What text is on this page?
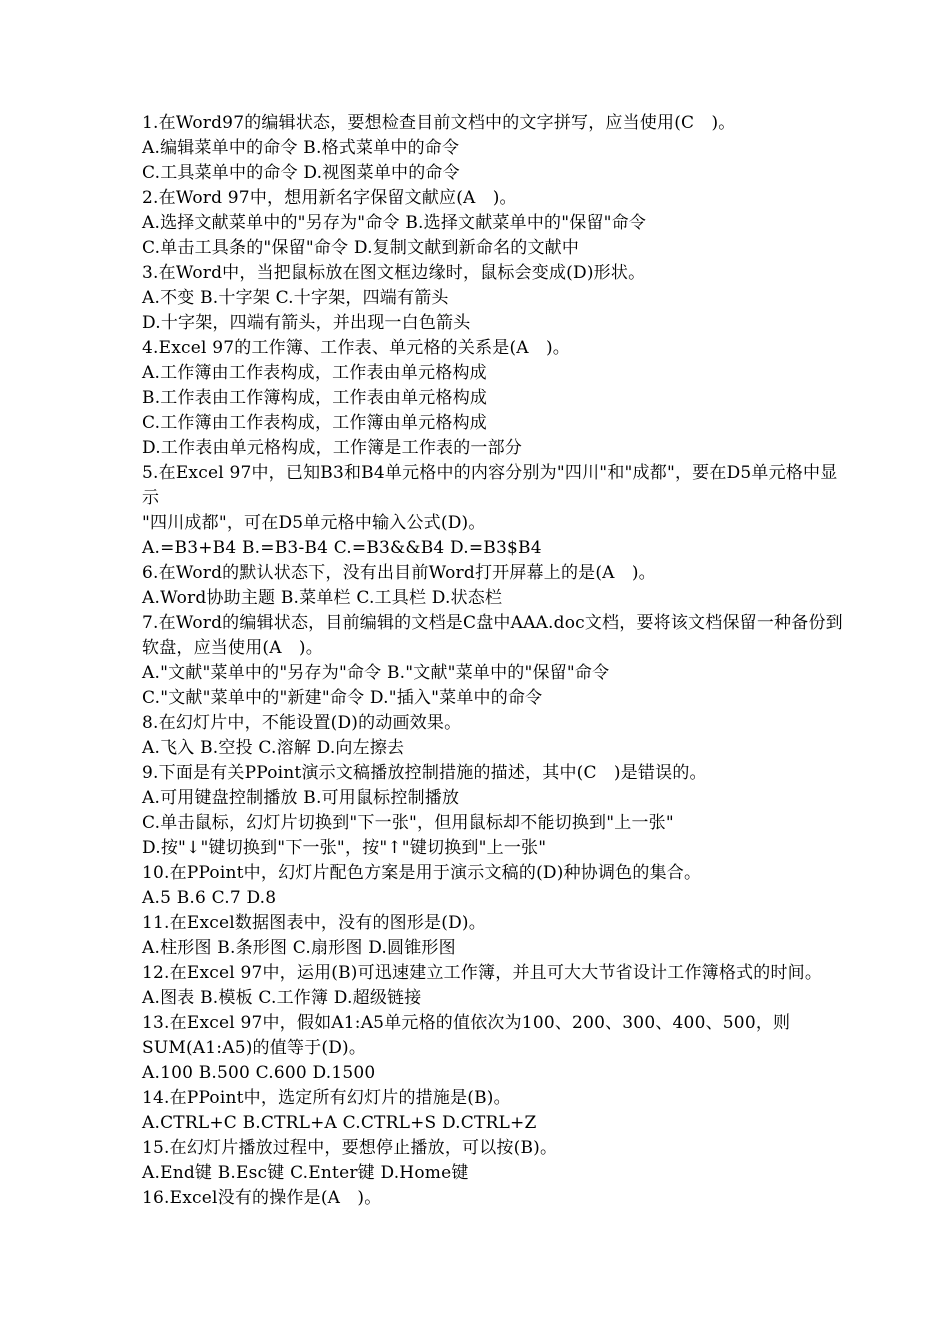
1.在Word97的编辑状态，要想检查目前文档中的文字拼写，应当使用(C　)。
A.编辑菜单中的命令 B.格式菜单中的命令
C.工具菜单中的命令 D.视图菜单中的命令
2.在Word 97中，想用新名字保留文献应(A　)。
A.选择文献菜单中的"另存为"命令 B.选择文献菜单中的"保留"命令
C.单击工具条的"保留"命令 D.复制文献到新命名的文献中
3.在Word中，当把鼠标放在图文框边缘时，鼠标会变成(D)形状。
A.不变 B.十字架 C.十字架，四端有箭头
D.十字架，四端有箭头，并出现一白色箭头
4.Excel 97的工作簿、工作表、单元格的关系是(A　)。
A.工作簿由工作表构成，工作表由单元格构成
B.工作表由工作簿构成，工作表由单元格构成
C.工作簿由工作表构成，工作簿由单元格构成
D.工作表由单元格构成，工作簿是工作表的一部分
5.在Excel 97中，已知B3和B4单元格中的内容分别为"四川"和"成都"，要在D5单元格中显示
"四川成都"，可在D5单元格中输入公式(D)。
A.=B3+B4 B.=B3-B4 C.=B3&&B4 D.=B3$B4
6.在Word的默认状态下，没有出目前Word打开屏幕上的是(A　)。
A.Word协助主题 B.菜单栏 C.工具栏 D.状态栏
7.在Word的编辑状态，目前编辑的文档是C盘中AAA.doc文档，要将该文档保留一种备份到软盘，应当使用(A　)。
A."文献"菜单中的"另存为"命令 B."文献"菜单中的"保留"命令
C."文献"菜单中的"新建"命令 D."插入"菜单中的命令
8.在幻灯片中，不能设置(D)的动画效果。
A.飞入 B.空投 C.溶解 D.向左擦去
9.下面是有关PPoint演示文稿播放控制措施的描述，其中(C　)是错误的。
A.可用键盘控制播放 B.可用鼠标控制播放
C.单击鼠标，幻灯片切换到"下一张"，但用鼠标却不能切换到"上一张"
D.按"↓"键切换到"下一张"，按"↑"键切换到"上一张"
10.在PPoint中，幻灯片配色方案是用于演示文稿的(D)种协调色的集合。
A.5 B.6 C.7 D.8
11.在Excel数据图表中，没有的图形是(D)。
A.柱形图 B.条形图 C.扇形图 D.圆锥形图
12.在Excel 97中，运用(B)可迅速建立工作簿，并且可大大节省设计工作簿格式的时间。
A.图表 B.模板 C.工作簿 D.超级链接
13.在Excel 97中，假如A1:A5单元格的值依次为100、200、300、400、500，则SUM(A1:A5)的值等于(D)。
A.100 B.500 C.600 D.1500
14.在PPoint中，选定所有幻灯片的措施是(B)。
A.CTRL+C B.CTRL+A C.CTRL+S D.CTRL+Z
15.在幻灯片播放过程中，要想停止播放，可以按(B)。
A.End键 B.Esc键 C.Enter键 D.Home键
16.Excel没有的操作是(A　)。
